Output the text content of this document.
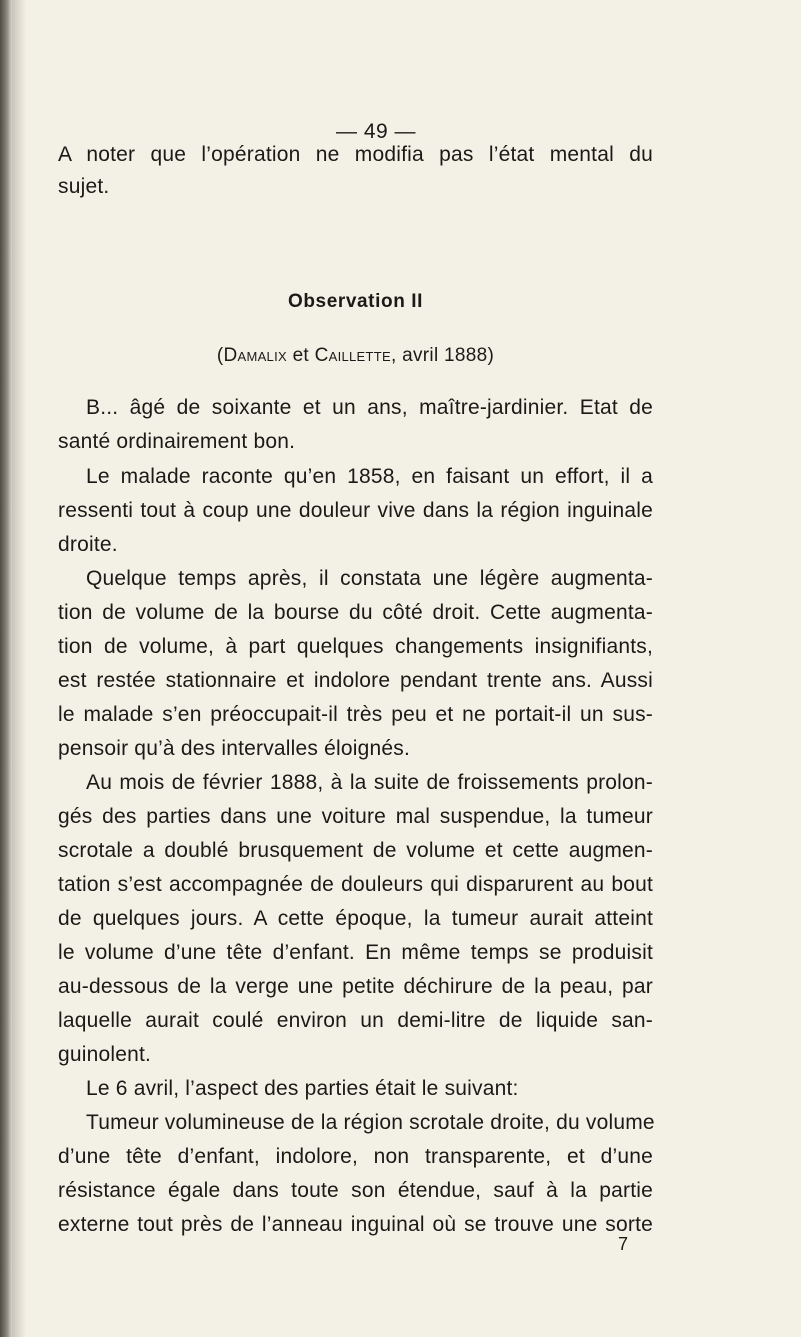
— 49 —
A noter que l’opération ne modifia pas l’état mental du
sujet.
Observation II
(Damalix et Caillette, avril 1888)
B... âgé de soixante et un ans, maître-jardinier. Etat de
santé ordinairement bon.
Le malade raconte qu’en 1858, en faisant un effort, il a
ressenti tout à coup une douleur vive dans la région inguinale
droite.
Quelque temps après, il constata une légère augmenta-
tion de volume de la bourse du côté droit. Cette augmenta-
tion de volume, à part quelques changements insignifiants,
est restée stationnaire et indolore pendant trente ans. Aussi
le malade s’en préoccupait-il très peu et ne portait-il un sus-
pensoir qu’à des intervalles éloignés.
Au mois de février 1888, à la suite de froissements prolon-
gés des parties dans une voiture mal suspendue, la tumeur
scrotale a doublé brusquement de volume et cette augmen-
tation s’est accompagnée de douleurs qui disparurent au bout
de quelques jours. A cette époque, la tumeur aurait atteint
le volume d’une tête d’enfant. En même temps se produisit
au-dessous de la verge une petite déchirure de la peau, par
laquelle aurait coulé environ un demi-litre de liquide san-
guinolent.
Le 6 avril, l’aspect des parties était le suivant:
Tumeur volumineuse de la région scrotale droite, du volume
d’une tête d’enfant, indolore, non transparente, et d’une
résistance égale dans toute son étendue, sauf à la partie
externe tout près de l’anneau inguinal où se trouve une sorte
7
